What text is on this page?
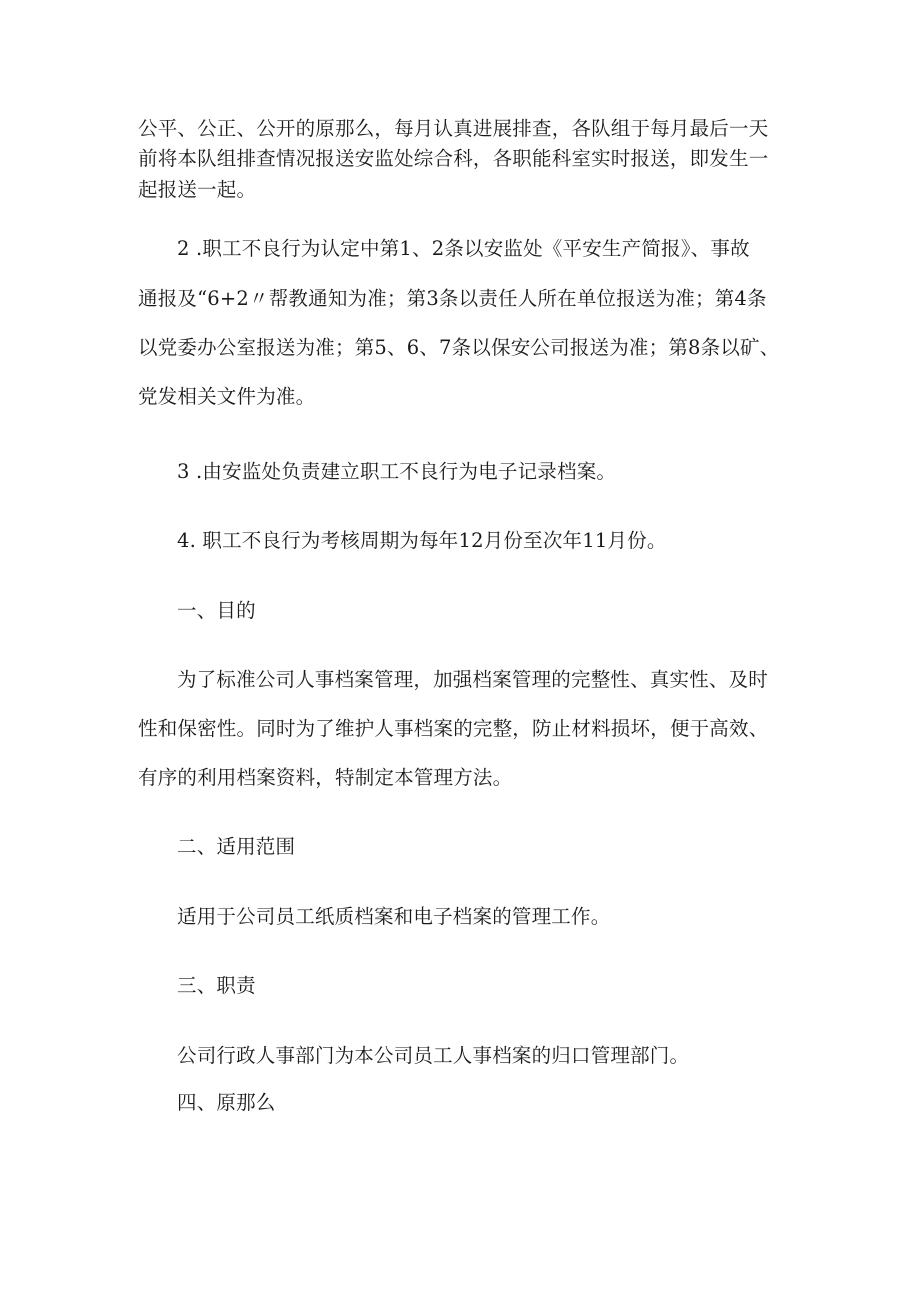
公平、公正、公开的原那么，每月认真进展排查，各队组于每月最后一天
前将本队组排查情况报送安监处综合科，各职能科室实时报送，即发生一
起报送一起。
2 .职工不良行为认定中第1、2条以安监处《平安生产简报》、事故
通报及“6+2〃帮教通知为准；第3条以责任人所在单位报送为准；第4条
以党委办公室报送为准；第5、6、7条以保安公司报送为准；第8条以矿、
党发相关文件为准。
3 .由安监处负责建立职工不良行为电子记录档案。
4. 职工不良行为考核周期为每年12月份至次年11月份。
一、目的
为了标准公司人事档案管理，加强档案管理的完整性、真实性、及时
性和保密性。同时为了维护人事档案的完整，防止材料损坏，便于高效、
有序的利用档案资料，特制定本管理方法。
二、适用范围
适用于公司员工纸质档案和电子档案的管理工作。
三、职责
公司行政人事部门为本公司员工人事档案的归口管理部门。
四、原那么
